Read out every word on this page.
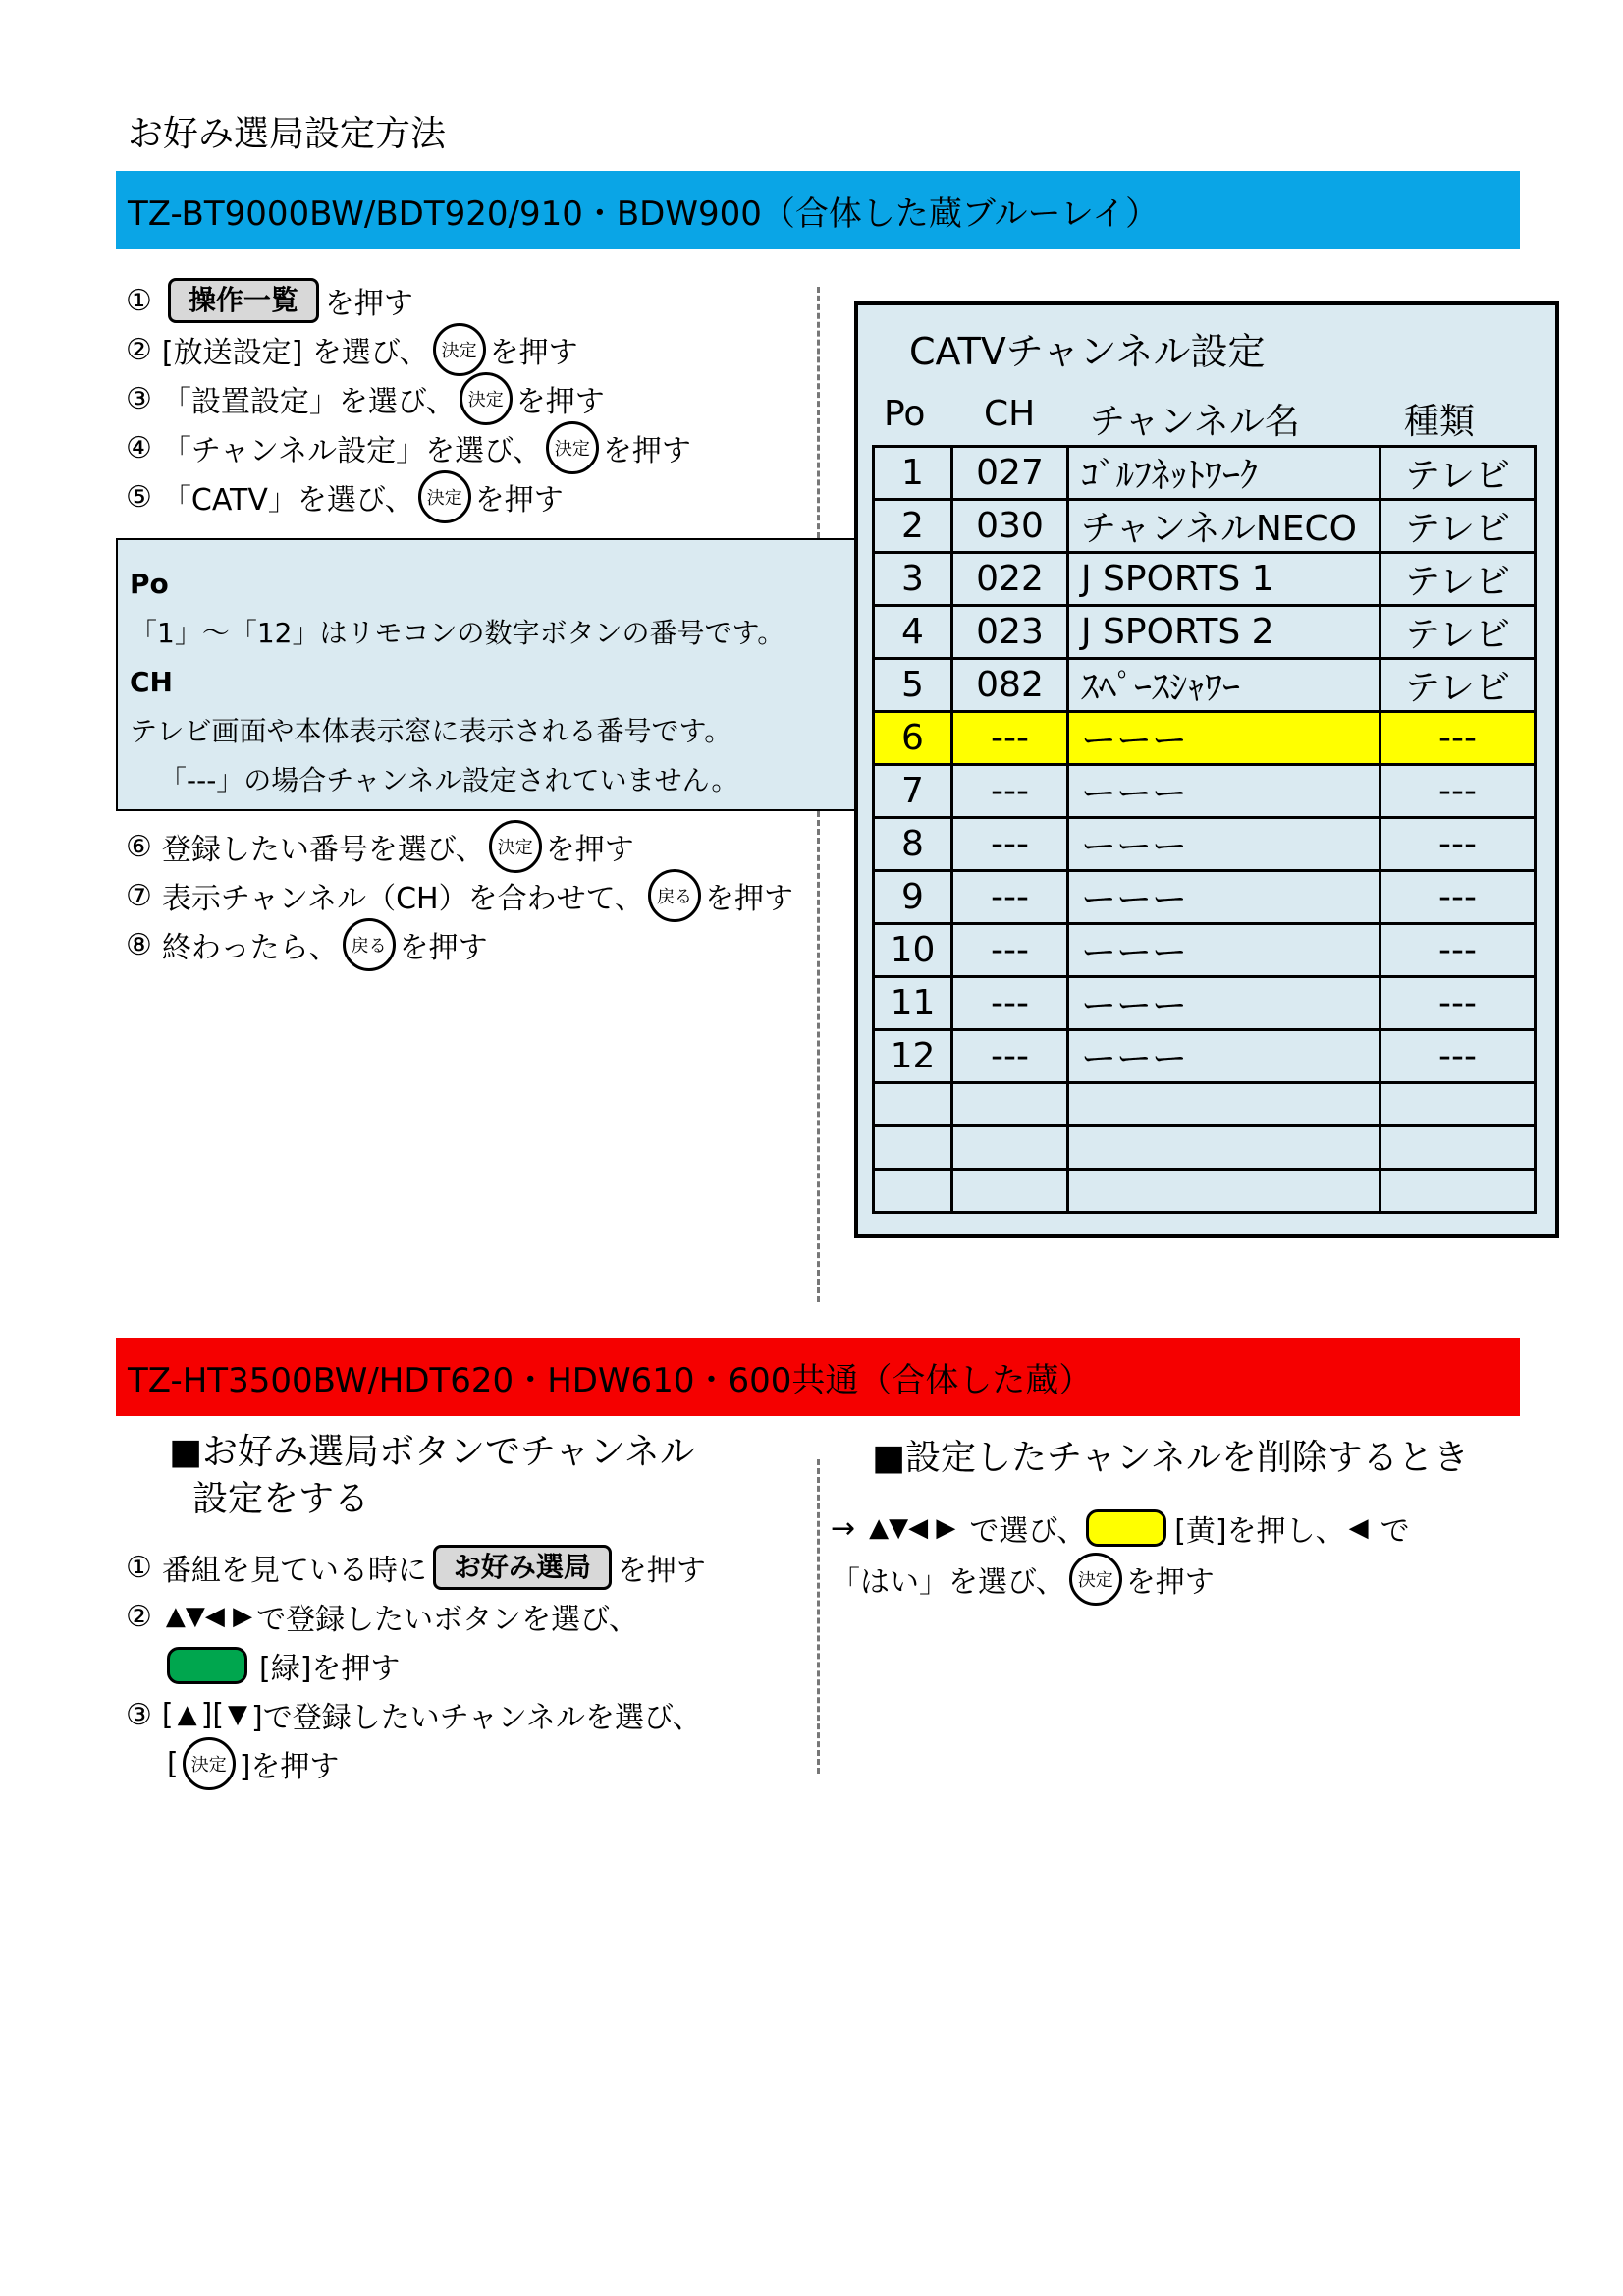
お好み選局設定方法
TZ-BT9000BW/BDT920/910・BDW900（合体した蔵ブルーレイ）
①	操作一覧 を押す
② [放送設定] を選び、 決定 を押す
③ 「設置設定」を選び、 決定 を押す
④ 「チャンネル設定」を選び、 決定 を押す
⑤ 「CATV」を選び、 決定 を押す
Po
「1」～「12」はリモコンの数字ボタンの番号です。
CH
テレビ画面や本体表示窓に表示される番号です。
「---」の場合チャンネル設定されていません。
⑥ 登録したい番号を選び、 決定 を押す
⑦ 表示チャンネル（CH）を合わせて、 戻る を押す
⑧ 終わったら、 戻る を押す
CATVチャンネル設定
Po CH チャンネル名	種類
1	027	ｺﾞﾙﾌﾈｯﾄﾜｰｸ	テレビ
2	030	チャンネルNECO	テレビ
3	022	J SPORTS 1	テレビ
4	023	J SPORTS 2	テレビ
5	082	ｽﾍﾟｰｽｼｬﾜｰ	テレビ
6	---	ーーー	---
7	---	ーーー	---
8	---	ーーー	---
9	---	ーーー	---
10	---	ーーー	---
11	---	ーーー	---
12	---	ーーー	---

TZ-HT3500BW/HDT620・HDW610・600共通（合体した蔵）
■お好み選局ボタンでチャンネル
設定をする
① 番組を見ている時に お好み選局 を押す
② ▲▼◀ ▶ で登録したいボタンを選び、
[緑]を押す
③ [ ▲ ][ ▼ ]で登録したいチャンネルを選び、
[ 決定 ]を押す
■設定したチャンネルを削除するとき
→ ▲▼◀ ▶ で選び、	[黄]を押し、 ◀ で
「はい」を選び、 決定 を押す
